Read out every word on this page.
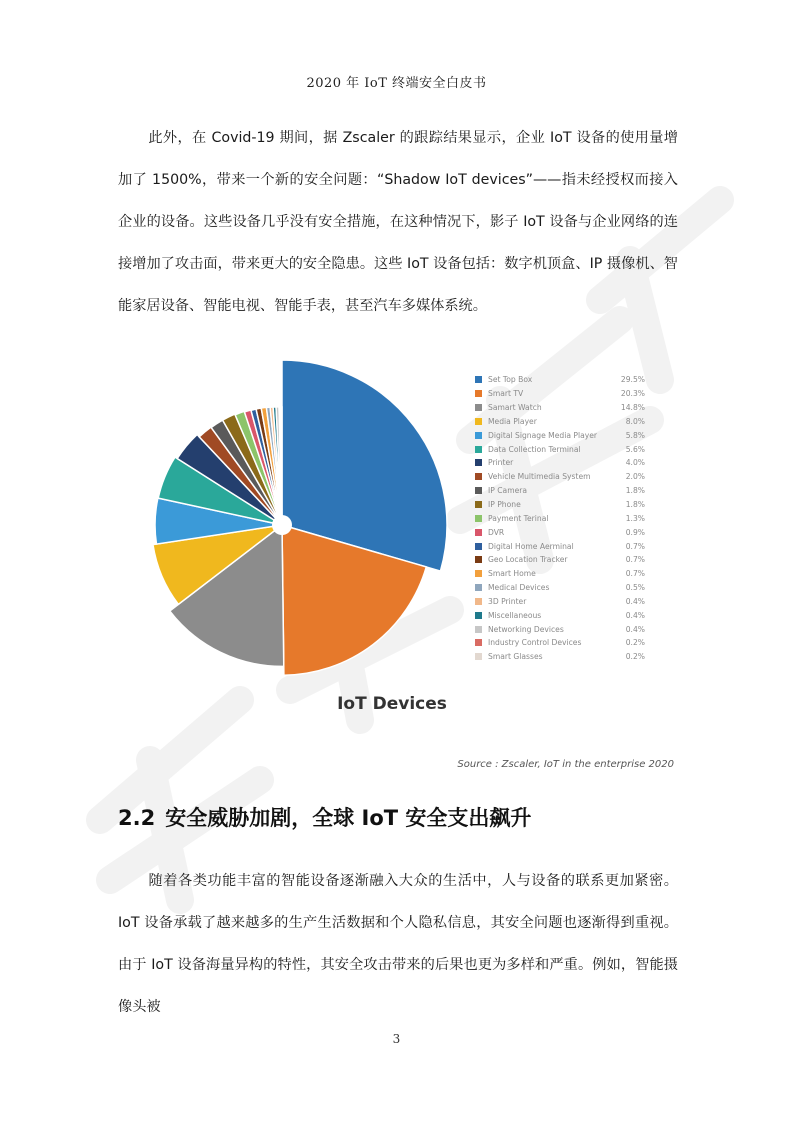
2020 年 IoT 终端安全白皮书

此外，在 Covid-19 期间，据 Zscaler 的跟踪结果显示，企业 IoT 设备的使用量增加了 1500%，带来一个新的安全问题：“Shadow IoT devices”——指未经授权而接入企业的设备。这些设备几乎没有安全措施，在这种情况下，影子 IoT 设备与企业网络的连接增加了攻击面，带来更大的安全隐患。这些 IoT 设备包括：数字机顶盒、IP 摄像机、智能家居设备、智能电视、智能手表，甚至汽车多媒体系统。

Set Top Box	29.5%
Smart TV	20.3%
Samart Watch	14.8%
Media Player	8.0%
Digital Signage Media Player	5.8%
Data Collection Terminal	5.6%
Printer	4.0%
Vehicle Multimedia System	2.0%
IP Camera	1.8%
IP Phone	1.8%
Payment Terinal	1.3%
DVR	0.9%
Digital Home Aerminal	0.7%
Geo Location Tracker	0.7%
Smart Home	0.7%
Medical Devices	0.5%
3D Printer	0.4%
Miscellaneous	0.4%
Networking Devices	0.4%
Industry Control Devices	0.2%
Smart Glasses	0.2%
IoT Devices
Source : Zscaler, IoT in the enterprise 2020
2.2 安全威胁加剧，全球 IoT 安全支出飙升

随着各类功能丰富的智能设备逐渐融入大众的生活中，人与设备的联系更加紧密。IoT 设备承载了越来越多的生产生活数据和个人隐私信息，其安全问题也逐渐得到重视。由于 IoT 设备海量异构的特性，其安全攻击带来的后果也更为多样和严重。例如，智能摄像头被

3
